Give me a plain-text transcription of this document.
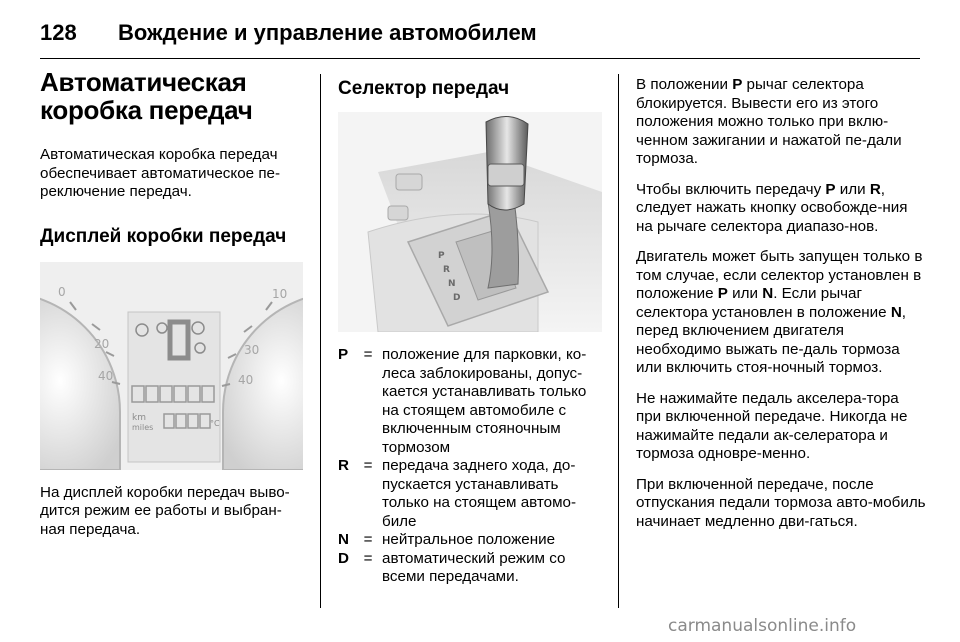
128 Вождение и управление автомобилем
Автоматическая
коробка передач

Автоматическая коробка передач обеспечивает автоматическое пе-реключение передач.

Дисплей коробки передач
0
20
40
10
30
40
km
miles	°C

На дисплей коробки передач выво-дится режим ее работы и выбран-ная передача.

Селектор передач
P
R
N
D
P	= положение для парковки, ко-леса заблокированы, допус-кается устанавливать только на стоящем автомобиле с включенным стояночным тормозом
R = передача заднего хода, до-пускается устанавливать только на стоящем автомо-биле
N = нейтральное положение
D = автоматический режим со всеми передачами.

В положении P рычаг селектора блокируется. Вывести его из этого положения можно только при вклю-ченном зажигании и нажатой пе-дали тормоза.

Чтобы включить передачу P или R, следует нажать кнопку освобожде-ния на рычаге селектора диапазо-нов.

Двигатель может быть запущен только в том случае, если селектор установлен в положение P или N. Если рычаг селектора установлен в положение N, перед включением двигателя необходимо выжать пе-даль тормоза или включить стоя-ночный тормоз.

Не нажимайте педаль акселера-тора при включенной передаче. Никогда не нажимайте педали ак-селератора и тормоза одновре-менно.

При включенной передаче, после отпускания педали тормоза авто-мобиль начинает медленно дви-гаться.

carmanualsonline.info
